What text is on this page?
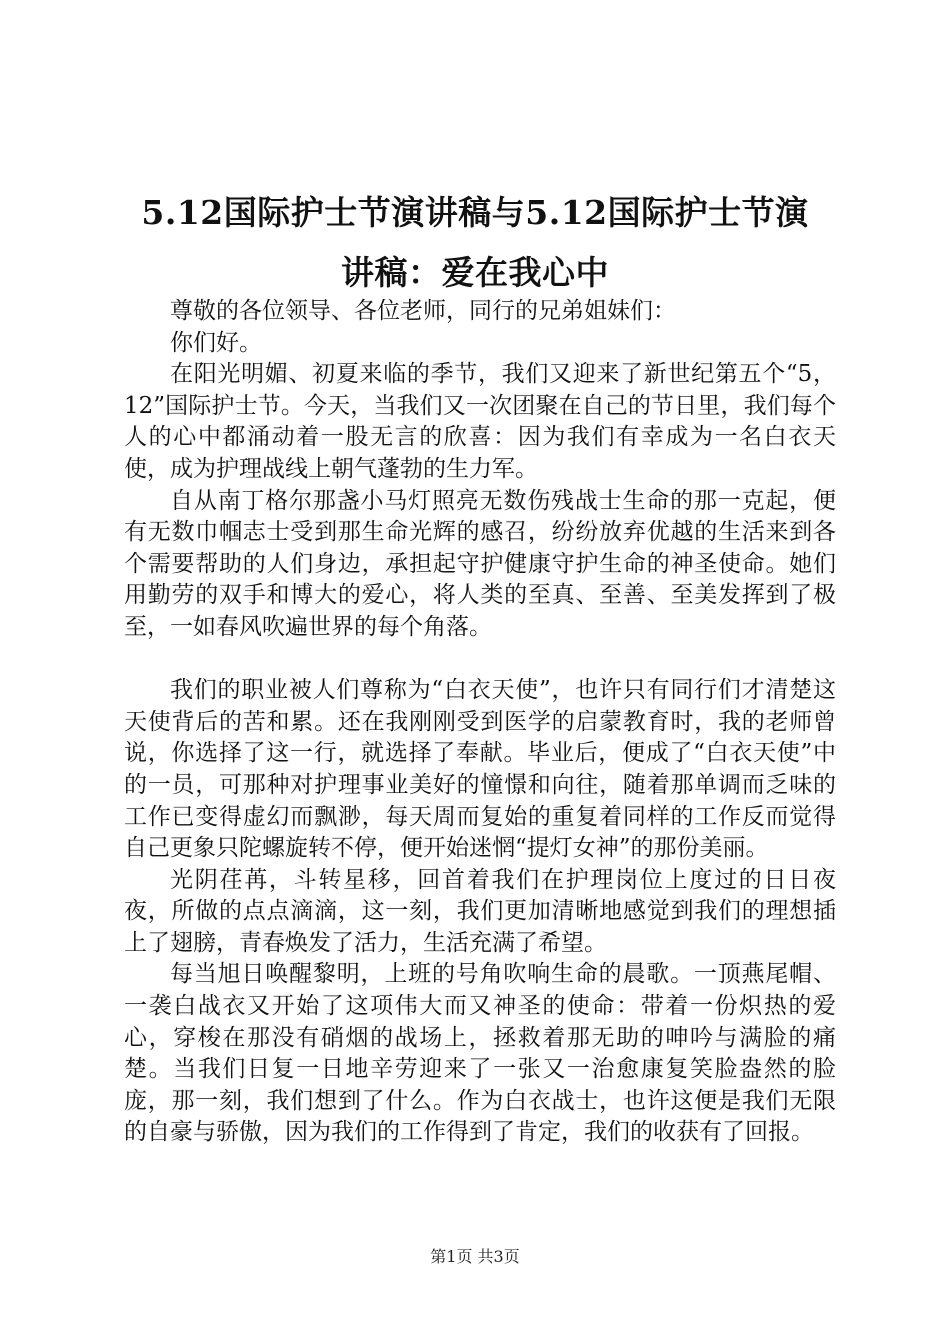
5.12国际护士节演讲稿与5.12国际护士节演
讲稿：爱在我心中

尊敬的各位领导、各位老师，同行的兄弟姐妹们：

你们好。

在阳光明媚、初夏来临的季节，我们又迎来了新世纪第五个“5，12”国际护士节。今天，当我们又一次团聚在自己的节日里，我们每个人的心中都涌动着一股无言的欣喜：因为我们有幸成为一名白衣天使，成为护理战线上朝气蓬勃的生力军。

自从南丁格尔那盏小马灯照亮无数伤残战士生命的那一克起，便有无数巾帼志士受到那生命光辉的感召，纷纷放弃优越的生活来到各个需要帮助的人们身边，承担起守护健康守护生命的神圣使命。她们用勤劳的双手和博大的爱心，将人类的至真、至善、至美发挥到了极至，一如春风吹遍世界的每个角落。

我们的职业被人们尊称为“白衣天使”，也许只有同行们才清楚这天使背后的苦和累。还在我刚刚受到医学的启蒙教育时，我的老师曾说，你选择了这一行，就选择了奉献。毕业后，便成了“白衣天使”中的一员，可那种对护理事业美好的憧憬和向往，随着那单调而乏味的工作已变得虚幻而飘渺，每天周而复始的重复着同样的工作反而觉得自己更象只陀螺旋转不停，便开始迷惘“提灯女神”的那份美丽。

光阴荏苒，斗转星移，回首着我们在护理岗位上度过的日日夜夜，所做的点点滴滴，这一刻，我们更加清晰地感觉到我们的理想插上了翅膀，青春焕发了活力，生活充满了希望。

每当旭日唤醒黎明，上班的号角吹响生命的晨歌。一顶燕尾帽、一袭白战衣又开始了这项伟大而又神圣的使命：带着一份炽热的爱心，穿梭在那没有硝烟的战场上，拯救着那无助的呻吟与满脸的痛楚。当我们日复一日地辛劳迎来了一张又一治愈康复笑脸盎然的脸庞，那一刻，我们想到了什么。作为白衣战士，也许这便是我们无限的自豪与骄傲，因为我们的工作得到了肯定，我们的收获有了回报。

第1页 共3页
